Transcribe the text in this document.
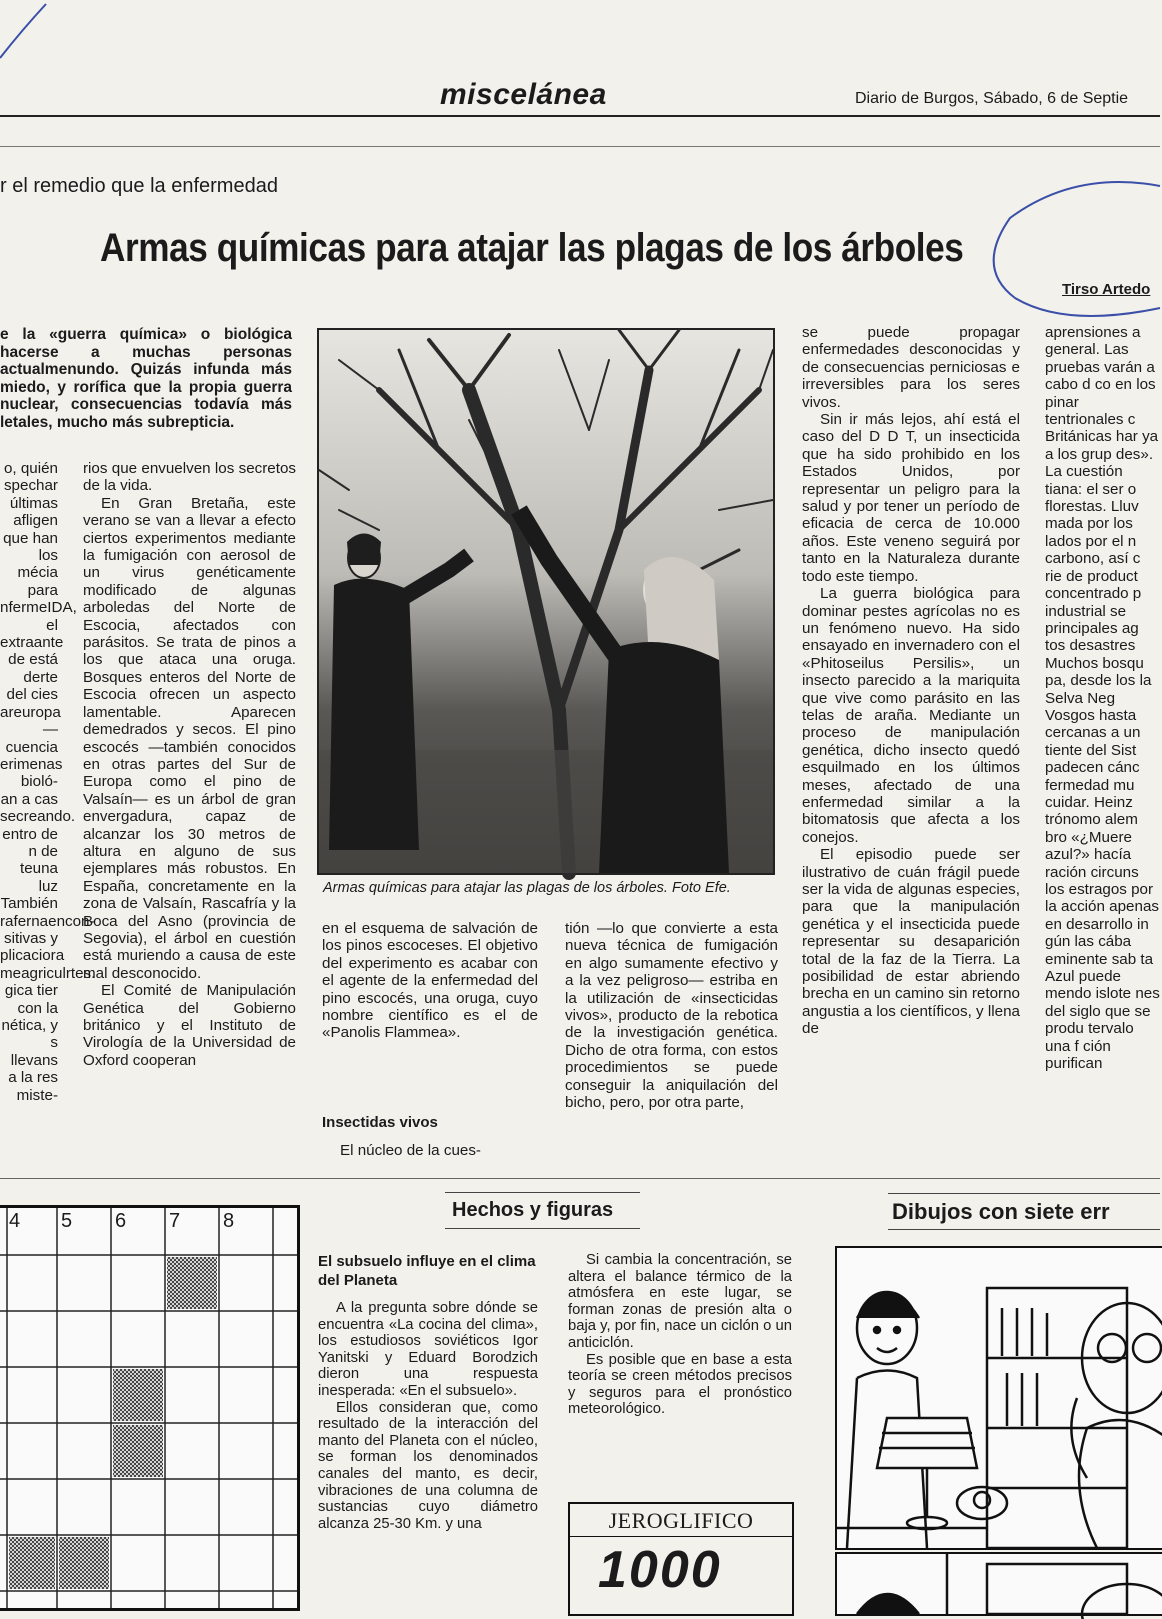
miscelánea	Diario de Burgos, Sábado, 6 de Septie
r el remedio que la enfermedad
Armas químicas para atajar las plagas de los árboles
Tirso Artedo

e la «guerra química» o biológica hacerse a muchas personas actualmenundo. Quizás infunda más miedo, y rorífica que la propia guerra nuclear, consecuencias todavía más letales, mucho más subrepticia.

o, quién spechar últimas afligen que han los mécia para nfermeIDA, el extraante de está derte del cies areuropa— cuencia erimenas bioló- an a cas secreando. entro de n de teuna luz También rafernaencon- sitivas y plicaciora meagriculrtes. gica tier con la nética, y s llevans a la res miste-

rios que envuelven los secretos de la vida.

En Gran Bretaña, este verano se van a llevar a efecto ciertos experimentos mediante la fumigación con aerosol de un virus genéticamente modificado de algunas arboledas del Norte de Escocia, afectados con parásitos. Se trata de pinos a los que ataca una oruga. Bosques enteros del Norte de Escocia ofrecen un aspecto lamentable. Aparecen demedrados y secos. El pino escocés —también conocidos en otras partes del Sur de Europa como el pino de Valsaín— es un árbol de gran envergadura, capaz de alcanzar los 30 metros de altura en alguno de sus ejemplares más robustos. En España, concretamente en la zona de Valsaín, Rascafría y la Boca del Asno (provincia de Segovia), el árbol en cuestión está muriendo a causa de este mal desconocido.

El Comité de Manipulación Genética del Gobierno británico y el Instituto de Virología de la Universidad de Oxford cooperan

Armas químicas para atajar las plagas de los árboles. Foto Efe.

en el esquema de salvación de los pinos escoceses. El objetivo del experimento es acabar con el agente de la enfermedad del pino escocés, una oruga, cuyo nombre científico es el de «Panolis Flammea».

Insectidas vivos

El núcleo de la cues-

tión —lo que convierte a esta nueva técnica de fumigación en algo sumamente efectivo y a la vez peligroso— estriba en la utilización de «insecticidas vivos», producto de la rebotica de la investigación genética. Dicho de otra forma, con estos procedimientos se puede conseguir la aniquilación del bicho, pero, por otra parte,

se puede propagar enfermedades desconocidas y de consecuencias perniciosas e irreversibles para los seres vivos.

Sin ir más lejos, ahí está el caso del D D T, un insecticida que ha sido prohibido en los Estados Unidos, por representar un peligro para la salud y por tener un período de eficacia de cerca de 10.000 años. Este veneno seguirá por tanto en la Naturaleza durante todo este tiempo.

La guerra biológica para dominar pestes agrícolas no es un fenómeno nuevo. Ha sido ensayado en invernadero con el «Phitoseilus Persilis», un insecto parecido a la mariquita que vive como parásito en las telas de araña. Mediante un proceso de manipulación genética, dicho insecto quedó esquilmado en los últimos meses, afectado de una enfermedad similar a la bitomatosis que afecta a los conejos.

El episodio puede ser ilustrativo de cuán frágil puede ser la vida de algunas especies, para que la manipulación genética y el insecticida puede representar su desaparición total de la faz de la Tierra. La posibilidad de estar abriendo brecha en un camino sin retorno angustia a los científicos, y llena de

aprensiones a general. Las pruebas varán a cabo d co en los pinar tentrionales c Británicas har ya a los grup des». La cuestión tiana: el ser o florestas. Lluv mada por los lados por el n carbono, así c rie de product concentrado p industrial se principales ag tos desastres Muchos bosqu pa, desde los la Selva Neg Vosgos hasta cercanas a un tiente del Sist padecen cánc fermedad mu cuidar. Heinz trónomo alem bro «¿Muere azul?» hacía ración circuns los estragos por la acción apenas en desarrollo in gún las cába eminente sab ta Azul puede mendo islote nes del siglo que se produ tervalo una f ción purifican

4 5 6 7 8	Hechos y figuras
El subsuelo influye en el clima del Planeta

A la pregunta sobre dónde se encuentra «La cocina del clima», los estudiosos soviéticos Igor Yanitski y Eduard Borodzich dieron una respuesta inesperada: «En el subsuelo».

Ellos consideran que, como resultado de la interacción del manto del Planeta con el núcleo, se forman los denominados canales del manto, es decir, vibraciones de una columna de sustancias cuyo diámetro alcanza 25-30 Km. y una

Si cambia la concentración, se altera el balance térmico de la atmósfera en este lugar, se forman zonas de presión alta o baja y, por fin, nace un ciclón o un anticiclón.

Es posible que en base a esta teoría se creen métodos precisos y seguros para el pronóstico meteorológico.

JEROGLIFICO
1000
Dibujos con siete err
